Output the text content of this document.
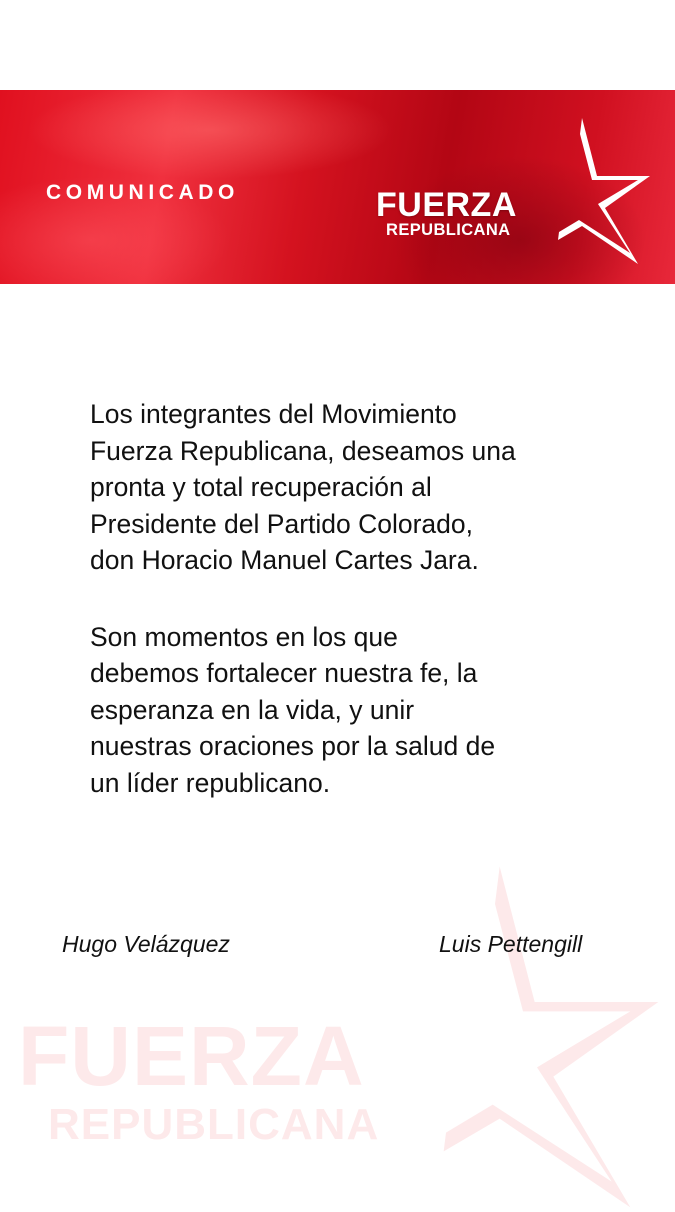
COMUNICADO	FUERZA
REPUBLICANA
FUERZA
REPUBLICANA

Los integrantes del Movimiento
Fuerza Republicana, deseamos una
pronta y total recuperación al
Presidente del Partido Colorado,
don Horacio Manuel Cartes Jara.

Son momentos en los que
debemos fortalecer nuestra fe, la
esperanza en la vida, y unir
nuestras oraciones por la salud de
un líder republicano.

Hugo Velázquez	Luis Pettengill
